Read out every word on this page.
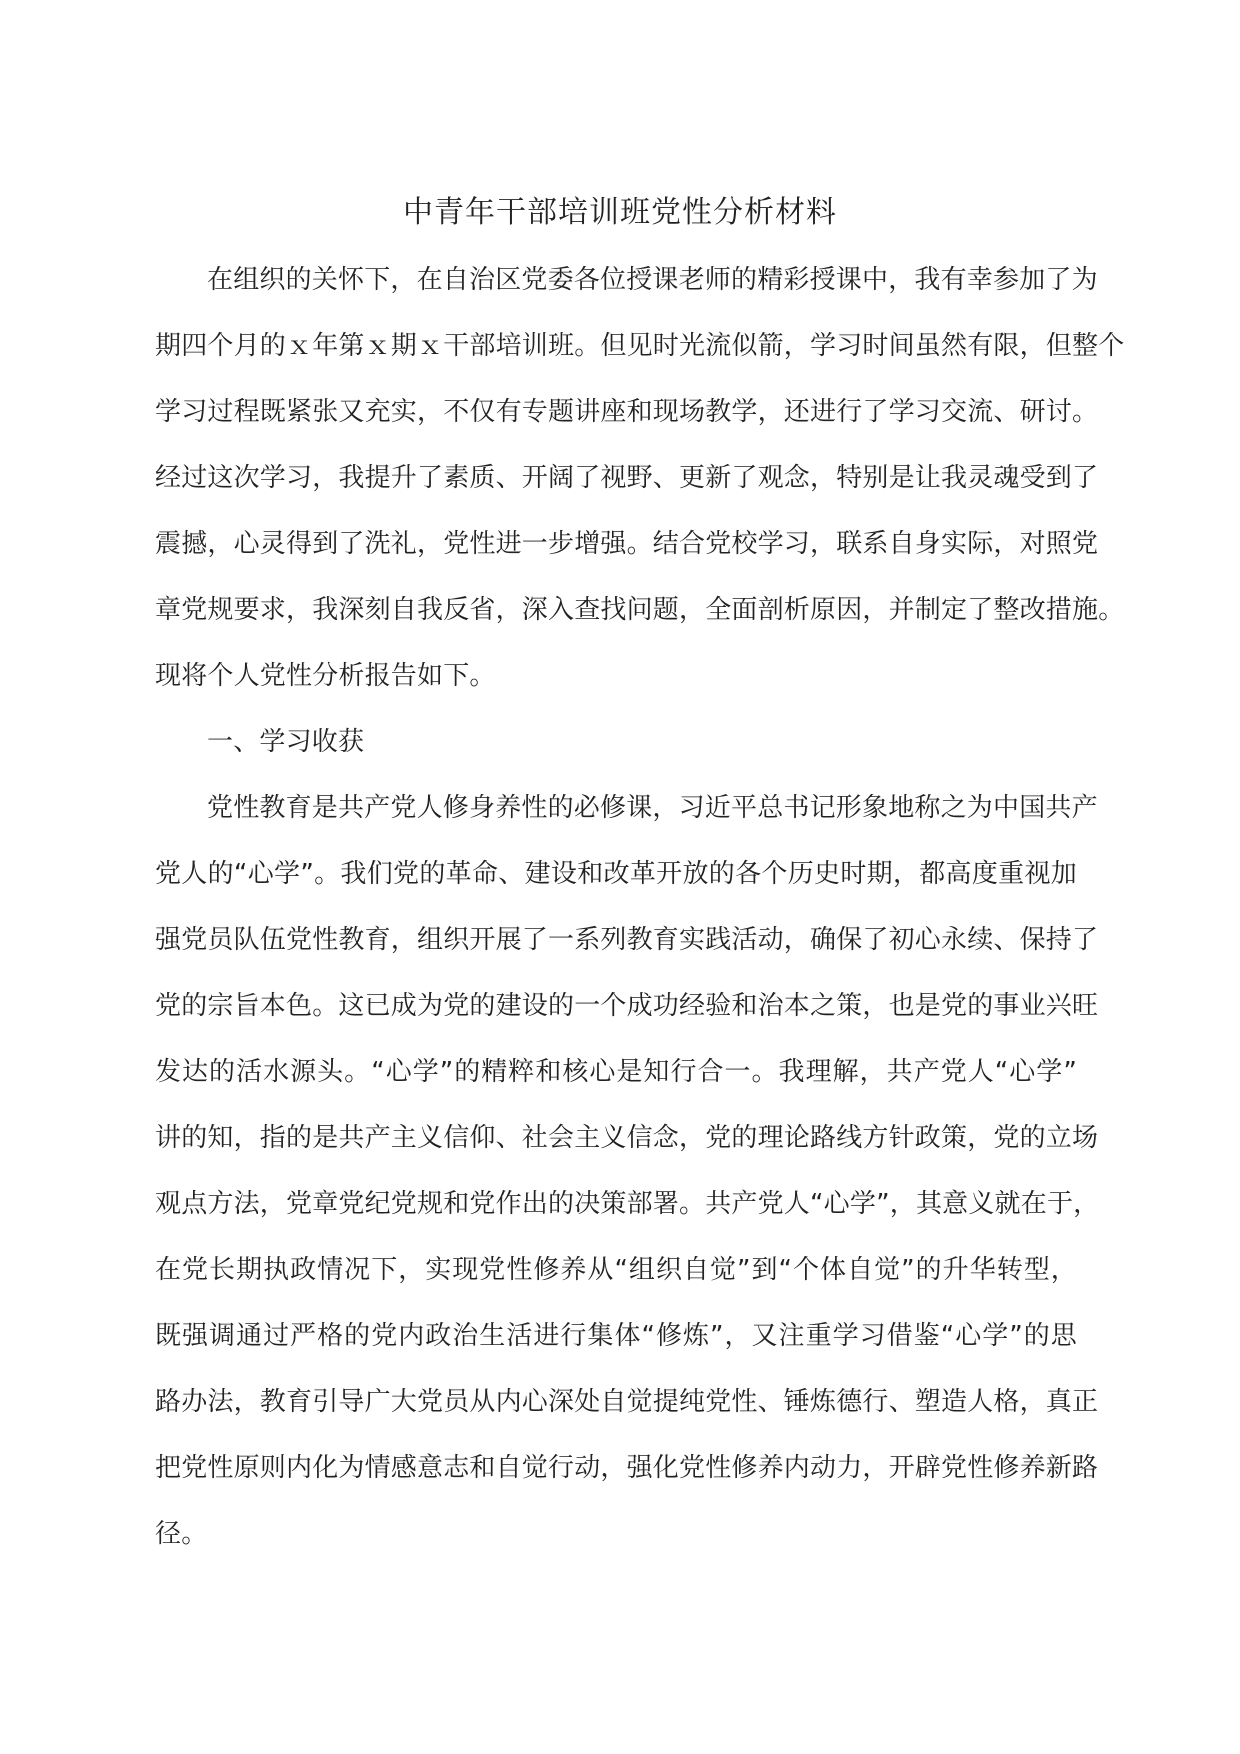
中青年干部培训班党性分析材料
在组织的关怀下，在自治区党委各位授课老师的精彩授课中，我有幸参加了为
期四个月的ｘ年第ｘ期ｘ干部培训班。但见时光流似箭，学习时间虽然有限，但整个
学习过程既紧张又充实，不仅有专题讲座和现场教学，还进行了学习交流、研讨。
经过这次学习，我提升了素质、开阔了视野、更新了观念，特别是让我灵魂受到了
震撼，心灵得到了洗礼，党性进一步增强。结合党校学习，联系自身实际，对照党
章党规要求，我深刻自我反省，深入查找问题，全面剖析原因，并制定了整改措施。
现将个人党性分析报告如下。
一、学习收获
党性教育是共产党人修身养性的必修课，习近平总书记形象地称之为中国共产
党人的“心学”。我们党的革命、建设和改革开放的各个历史时期，都高度重视加
强党员队伍党性教育，组织开展了一系列教育实践活动，确保了初心永续、保持了
党的宗旨本色。这已成为党的建设的一个成功经验和治本之策，也是党的事业兴旺
发达的活水源头。“心学”的精粹和核心是知行合一。我理解，共产党人“心学”
讲的知，指的是共产主义信仰、社会主义信念，党的理论路线方针政策，党的立场
观点方法，党章党纪党规和党作出的决策部署。共产党人“心学”，其意义就在于，
在党长期执政情况下，实现党性修养从“组织自觉”到“个体自觉”的升华转型，
既强调通过严格的党内政治生活进行集体“修炼”，又注重学习借鉴“心学”的思
路办法，教育引导广大党员从内心深处自觉提纯党性、锤炼德行、塑造人格，真正
把党性原则内化为情感意志和自觉行动，强化党性修养内动力，开辟党性修养新路
径。
